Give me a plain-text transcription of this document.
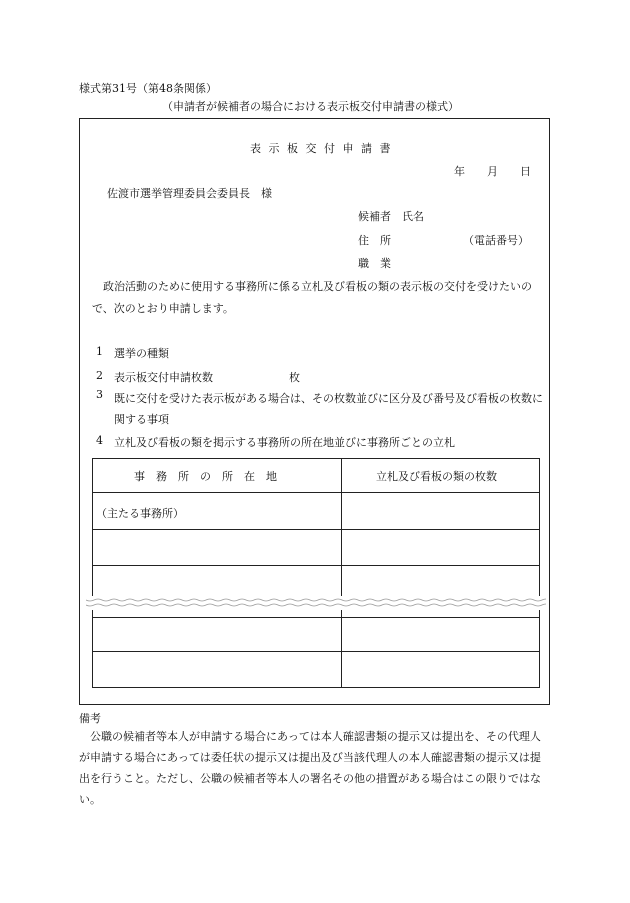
様式第31号（第48条関係）
（申請者が候補者の場合における表示板交付申請書の様式）
表 示 板 交 付 申 請 書
年　　月　　日
佐渡市選挙管理委員会委員長　様
候補者　氏名
住　所	（電話番号）
職　業
政治活動のために使用する事務所に係る立札及び看板の類の表示板の交付を受けたいので、次のとおり申請します。
1 選挙の種類
2 表示板交付申請枚数	枚
3 既に交付を受けた表示板がある場合は、その枚数並びに区分及び番号及び看板の枚数に関する事項
4 立札及び看板の類を掲示する事務所の所在地並びに事務所ごとの立札
事　務　所　の　所　在　地	立札及び看板の類の枚数
（主たる事務所）
備考
公職の候補者等本人が申請する場合にあっては本人確認書類の提示又は提出を、その代理人が申請する場合にあっては委任状の提示又は提出及び当該代理人の本人確認書類の提示又は提出を行うこと。ただし、公職の候補者等本人の署名その他の措置がある場合はこの限りではない。
